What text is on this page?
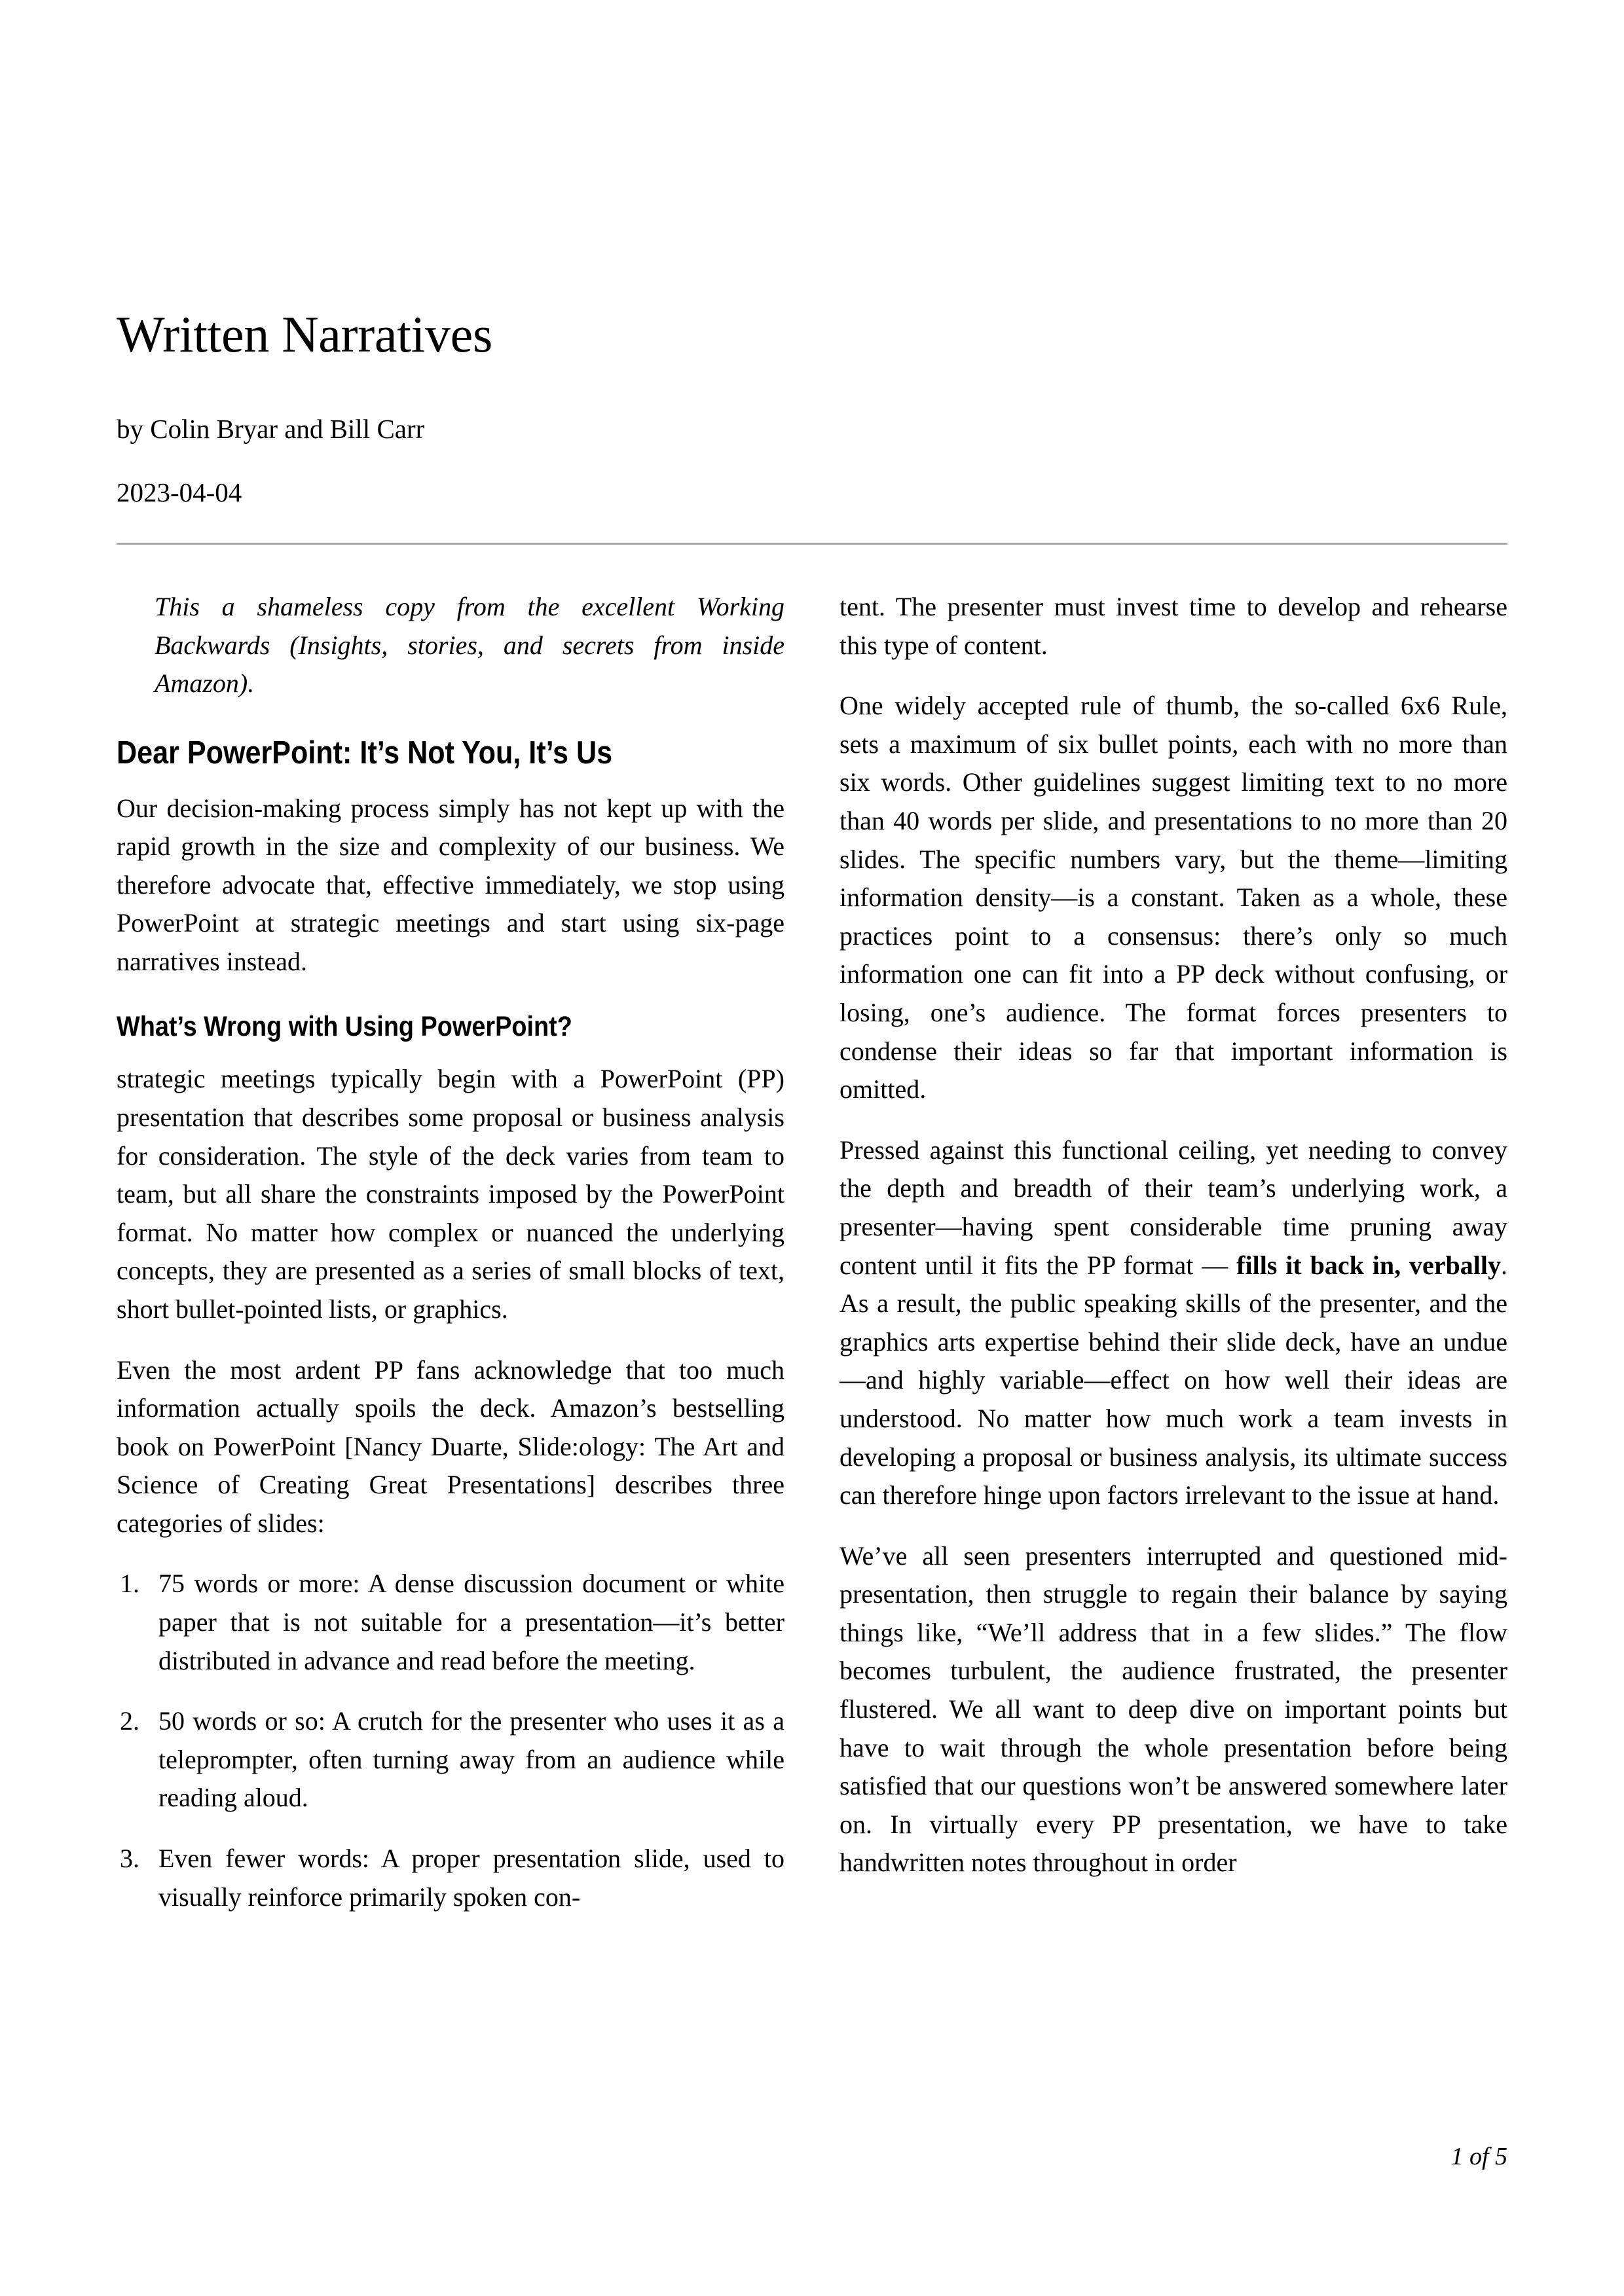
Written Narratives
by Colin Bryar and Bill Carr
2023-04-04
This a shameless copy from the excellent Working Backwards (Insights, stories, and secrets from inside Amazon).
Dear PowerPoint: It’s Not You, It’s Us

Our decision-making process simply has not kept up with the rapid growth in the size and complexity of our business. We therefore advocate that, effective immediately, we stop using PowerPoint at strategic meetings and start using six-page narratives instead.

What’s Wrong with Using PowerPoint?

strategic meetings typically begin with a PowerPoint (PP) presentation that describes some proposal or business analysis for consideration. The style of the deck varies from team to team, but all share the constraints imposed by the PowerPoint format. No matter how complex or nuanced the underlying concepts, they are presented as a series of small blocks of text, short bullet-pointed lists, or graphics.

Even the most ardent PP fans acknowledge that too much information actually spoils the deck. Amazon’s bestselling book on PowerPoint [Nancy Duarte, Slide:ology: The Art and Science of Creating Great Presentations] describes three categories of slides:

1. 75 words or more: A dense discussion document or white paper that is not suitable for a presentation—it’s better distributed in advance and read before the meeting.
2. 50 words or so: A crutch for the presenter who uses it as a teleprompter, often turning away from an audience while reading aloud.
3. Even fewer words: A proper presentation slide, used to visually reinforce primarily spoken con-

tent. The presenter must invest time to develop and rehearse this type of content.

One widely accepted rule of thumb, the so-called 6x6 Rule, sets a maximum of six bullet points, each with no more than six words. Other guidelines suggest limiting text to no more than 40 words per slide, and presentations to no more than 20 slides. The specific numbers vary, but the theme—limiting information density—is a constant. Taken as a whole, these practices point to a consensus: there’s only so much information one can fit into a PP deck without confusing, or losing, one’s audience. The format forces presenters to condense their ideas so far that important information is omitted.

Pressed against this functional ceiling, yet needing to convey the depth and breadth of their team’s underlying work, a presenter—having spent considerable time pruning away content until it fits the PP format — fills it back in, verbally. As a result, the public speaking skills of the presenter, and the graphics arts expertise behind their slide deck, have an undue—and highly variable—effect on how well their ideas are understood. No matter how much work a team invests in developing a proposal or business analysis, its ultimate success can therefore hinge upon factors irrelevant to the issue at hand.

We’ve all seen presenters interrupted and questioned mid-presentation, then struggle to regain their balance by saying things like, “We’ll address that in a few slides.” The flow becomes turbulent, the audience frustrated, the presenter flustered. We all want to deep dive on important points but have to wait through the whole presentation before being satisfied that our questions won’t be answered somewhere later on. In virtually every PP presentation, we have to take handwritten notes throughout in order

1 of 5
